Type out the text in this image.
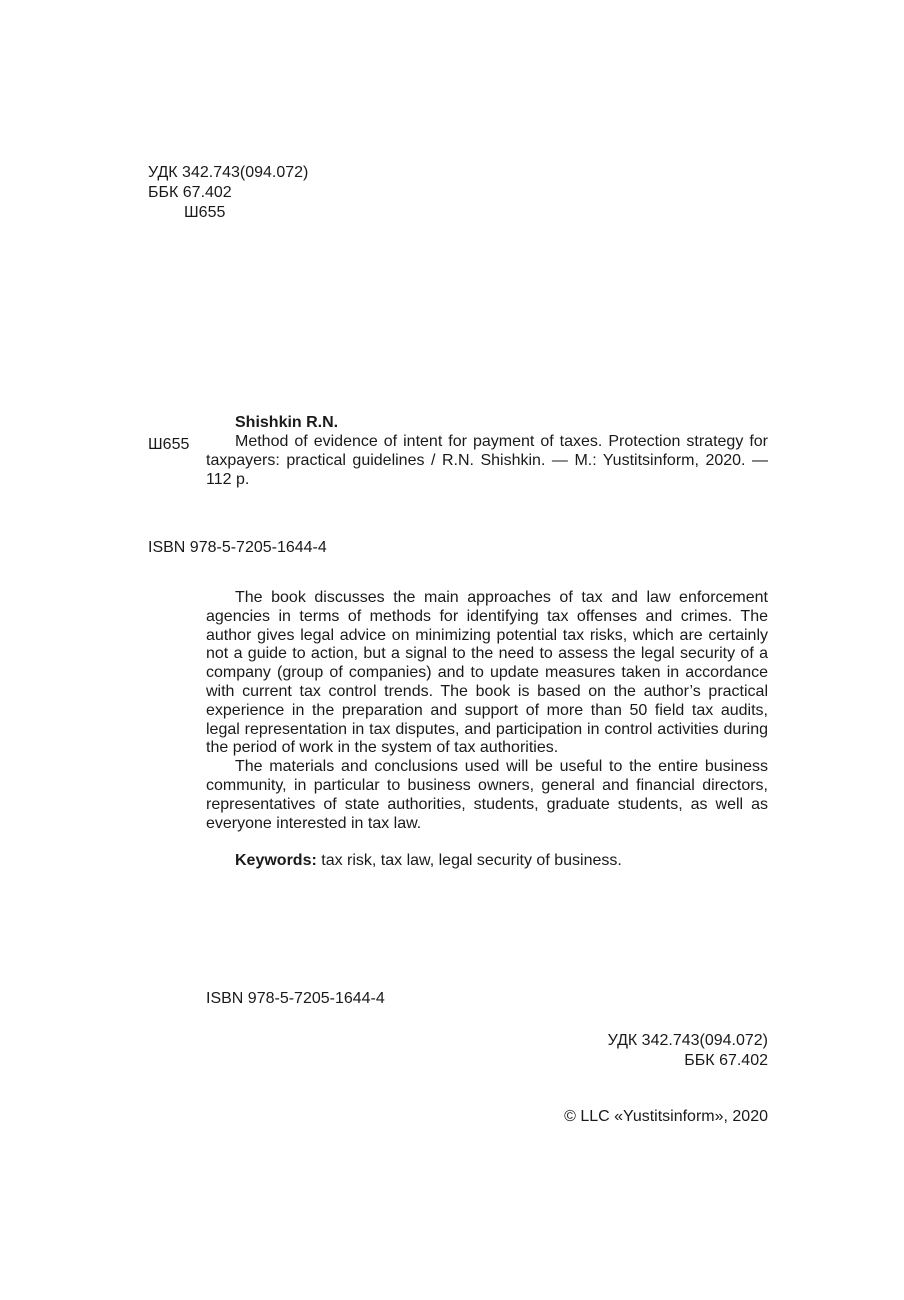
УДК 342.743(094.072)
ББК 67.402
Ш655
Shishkin R.N.
Ш655	Method of evidence of intent for payment of taxes. Protection strategy for taxpayers: practical guidelines / R.N. Shishkin. — M.: Yustitsinform, 2020. — 112 p.
ISBN 978-5-7205-1644-4

The book discusses the main approaches of tax and law enforcement agencies in terms of methods for identifying tax offenses and crimes. The author gives legal advice on minimizing potential tax risks, which are certainly not a guide to action, but a signal to the need to assess the legal security of a company (group of companies) and to update measures taken in accordance with current tax control trends. The book is based on the author’s practical experience in the preparation and support of more than 50 field tax audits, legal representation in tax disputes, and participation in control activities during the period of work in the system of tax authorities.

The materials and conclusions used will be useful to the entire business community, in particular to business owners, general and financial directors, representatives of state authorities, students, graduate students, as well as everyone interested in tax law.

Keywords: tax risk, tax law, legal security of business.
ISBN 978-5-7205-1644-4
УДК 342.743(094.072)
ББК 67.402
© LLC «Yustitsinform», 2020
